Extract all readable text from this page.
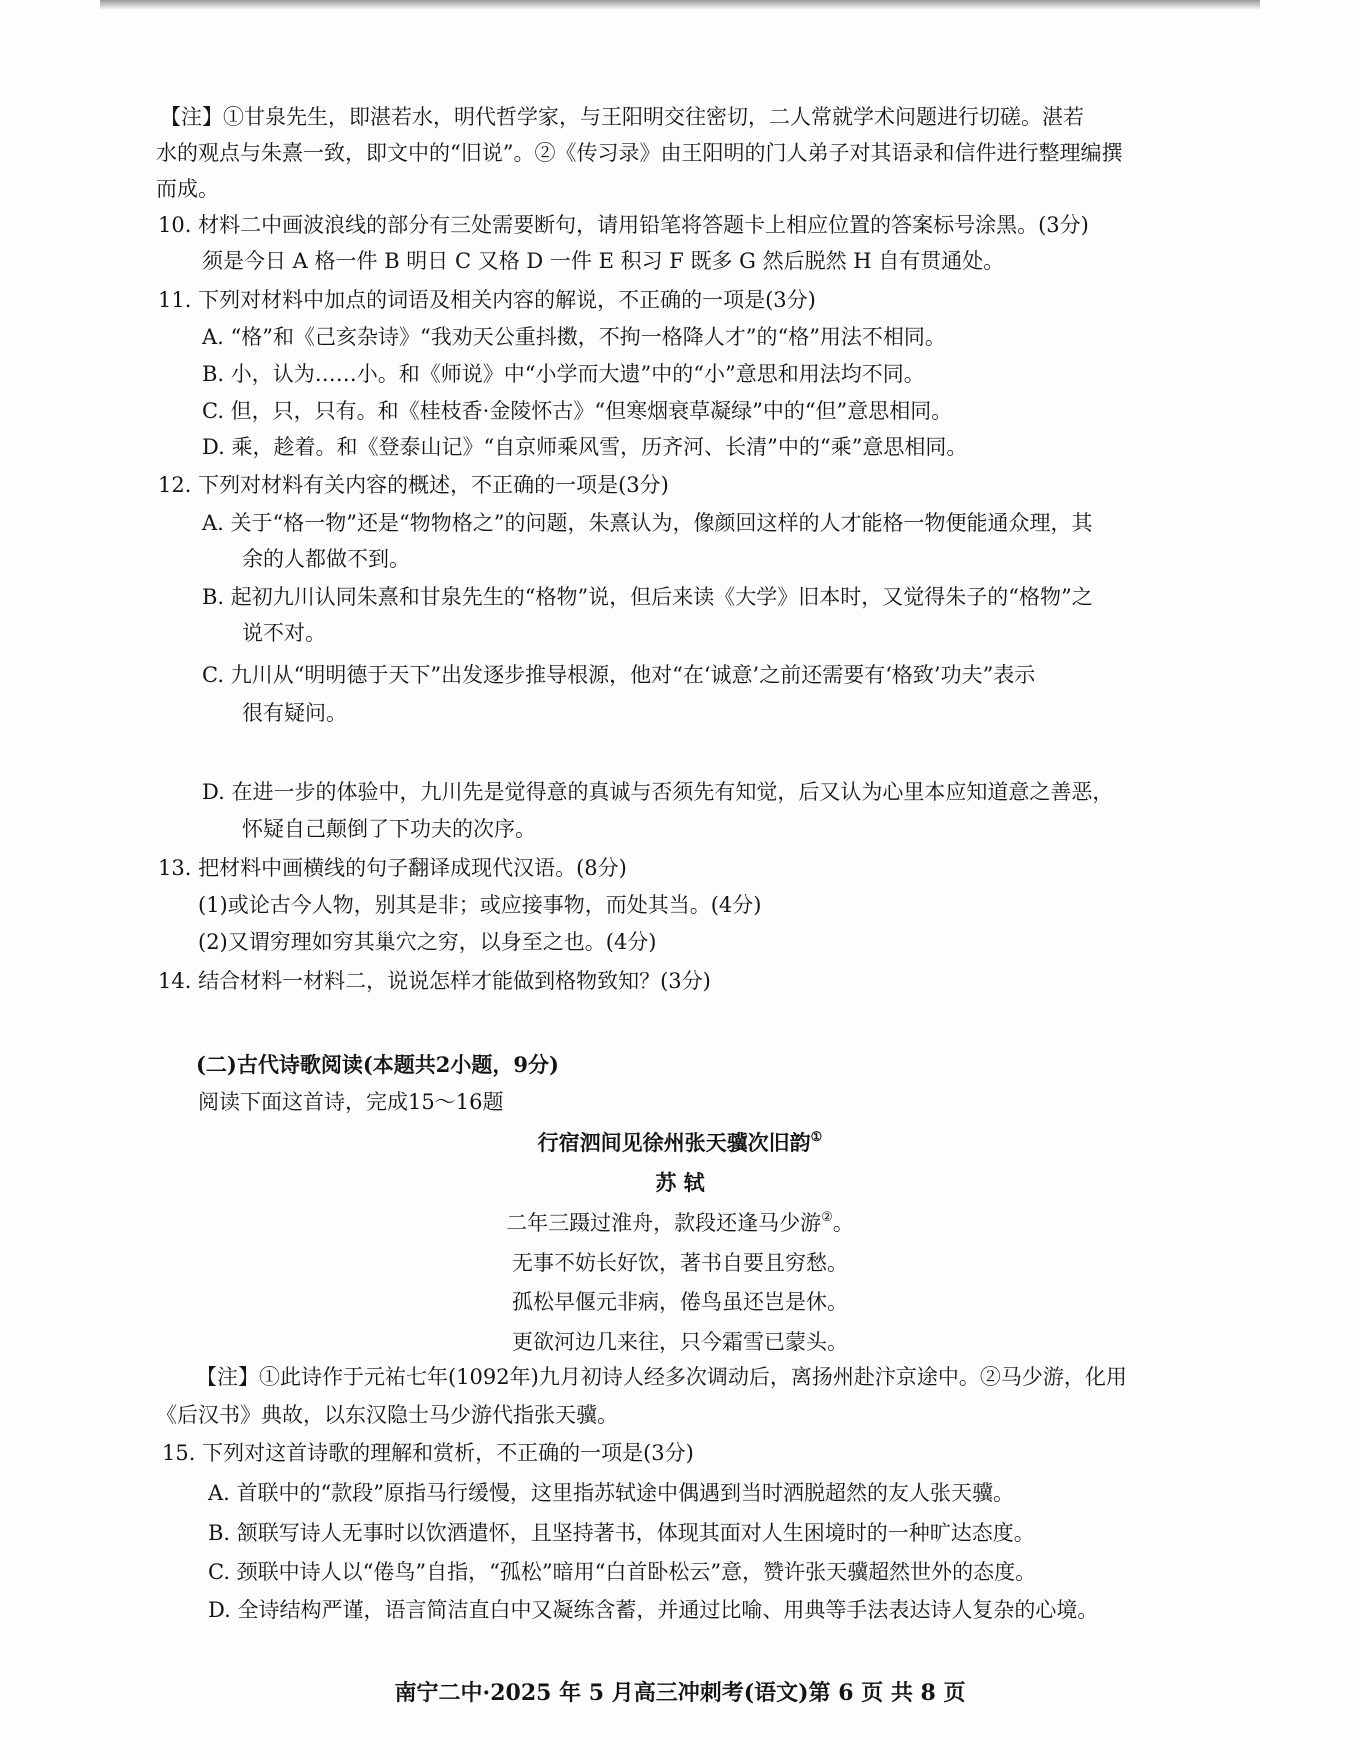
【注】①甘泉先生，即湛若水，明代哲学家，与王阳明交往密切，二人常就学术问题进行切磋。湛若
水的观点与朱熹一致，即文中的“旧说”。②《传习录》由王阳明的门人弟子对其语录和信件进行整理编撰
而成。
10. 材料二中画波浪线的部分有三处需要断句，请用铅笔将答题卡上相应位置的答案标号涂黑。(3分)
须是今日 A 格一件 B 明日 C 又格 D 一件 E 积习 F 既多 G 然后脱然 H 自有贯通处。
11. 下列对材料中加点的词语及相关内容的解说，不正确的一项是(3分)
A. “格”和《己亥杂诗》“我劝天公重抖擞，不拘一格降人才”的“格”用法不相同。
B. 小，认为……小。和《师说》中“小学而大遗”中的“小”意思和用法均不同。
C. 但，只，只有。和《桂枝香·金陵怀古》“但寒烟衰草凝绿”中的“但”意思相同。
D. 乘，趁着。和《登泰山记》“自京师乘风雪，历齐河、长清”中的“乘”意思相同。
12. 下列对材料有关内容的概述，不正确的一项是(3分)
A. 关于“格一物”还是“物物格之”的问题，朱熹认为，像颜回这样的人才能格一物便能通众理，其
余的人都做不到。
B. 起初九川认同朱熹和甘泉先生的“格物”说，但后来读《大学》旧本时，又觉得朱子的“格物”之
说不对。
C. 九川从“明明德于天下”出发逐步推导根源，他对“在‘诚意’之前还需要有‘格致’功夫”表示
很有疑问。
D. 在进一步的体验中，九川先是觉得意的真诚与否须先有知觉，后又认为心里本应知道意之善恶，
怀疑自己颠倒了下功夫的次序。
13. 把材料中画横线的句子翻译成现代汉语。(8分)
(1)或论古今人物，别其是非；或应接事物，而处其当。(4分)
(2)又谓穷理如穷其巢穴之穷，以身至之也。(4分)
14. 结合材料一材料二，说说怎样才能做到格物致知？(3分)
(二)古代诗歌阅读(本题共2小题，9分)
阅读下面这首诗，完成15～16题
行宿泗间见徐州张天骥次旧韵①
苏 轼
二年三蹑过淮舟，款段还逢马少游②。
无事不妨长好饮，著书自要且穷愁。
孤松早偃元非病，倦鸟虽还岂是休。
更欲河边几来往，只今霜雪已蒙头。
【注】①此诗作于元祐七年(1092年)九月初诗人经多次调动后，离扬州赴汴京途中。②马少游，化用
《后汉书》典故，以东汉隐士马少游代指张天骥。
15. 下列对这首诗歌的理解和赏析，不正确的一项是(3分)
A. 首联中的“款段”原指马行缓慢，这里指苏轼途中偶遇到当时洒脱超然的友人张天骥。
B. 颔联写诗人无事时以饮酒遣怀，且坚持著书，体现其面对人生困境时的一种旷达态度。
C. 颈联中诗人以“倦鸟”自指，“孤松”暗用“白首卧松云”意，赞许张天骥超然世外的态度。
D. 全诗结构严谨，语言简洁直白中又凝练含蓄，并通过比喻、用典等手法表达诗人复杂的心境。
南宁二中·2025 年 5 月高三冲刺考(语文)第 6 页 共 8 页
